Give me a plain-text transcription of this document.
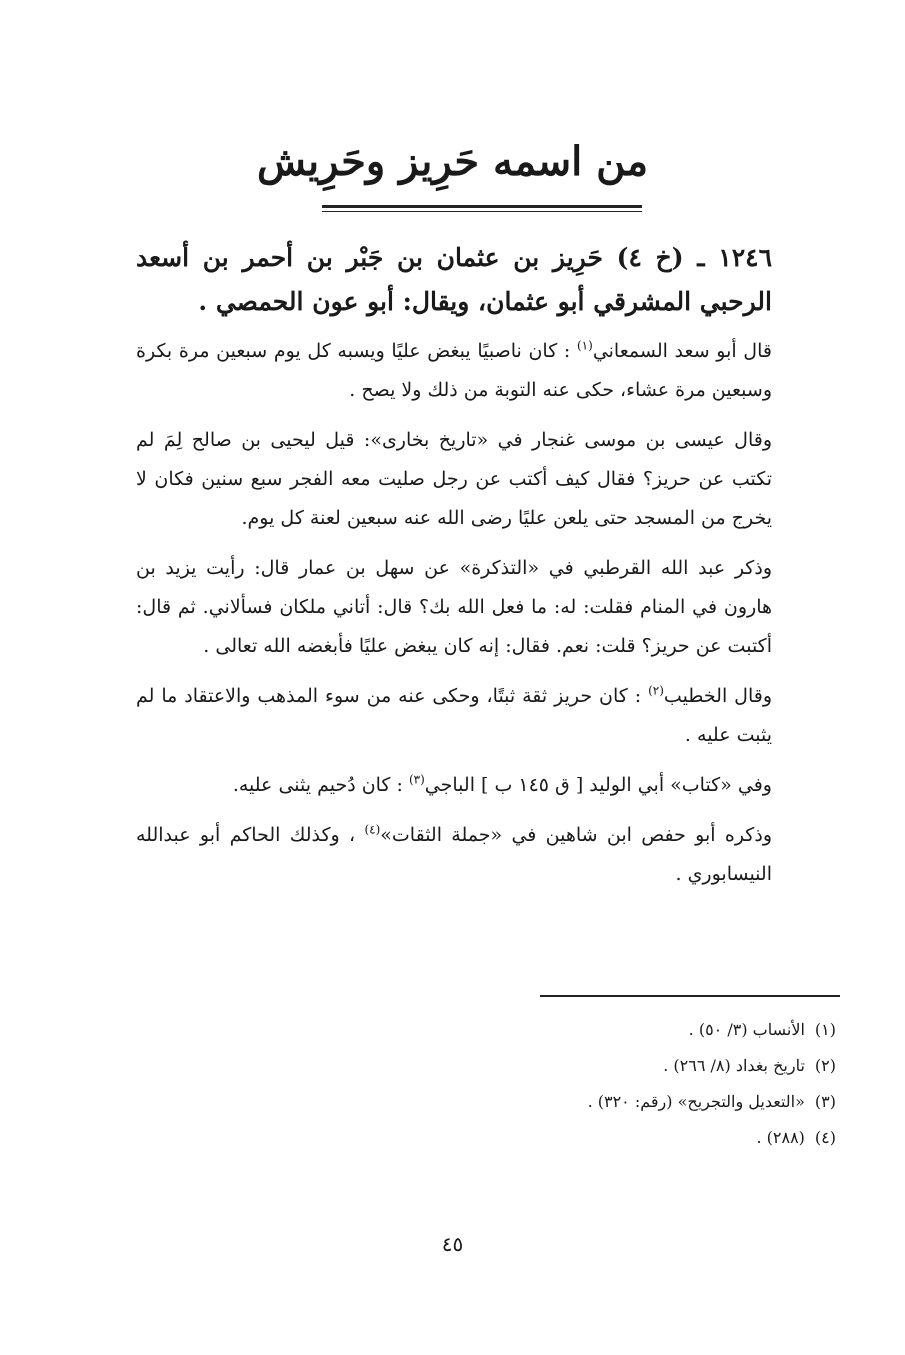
من اسمه حَرِيز وحَرِيش
١٢٤٦ ـ (خ ٤) حَرِيز بن عثمان بن جَبْر بن أحمر بن أسعد الرحبي المشرقي أبو عثمان، ويقال: أبو عون الحمصي .

قال أبو سعد السمعاني$^{(١)}$ : كان ناصبيًا يبغض عليًا ويسبه كل يوم سبعين مرة بكرة وسبعين مرة عشاء، حكى عنه التوبة من ذلك ولا يصح .

وقال عيسى بن موسى غنجار في «تاريخ بخارى»: قيل ليحيى بن صالح لِمَ لم تكتب عن حريز؟ فقال كيف أكتب عن رجل صليت معه الفجر سبع سنين فكان لا يخرج من المسجد حتى يلعن عليًا رضى الله عنه سبعين لعنة كل يوم.

وذكر عبد الله القرطبي في «التذكرة» عن سهل بن عمار قال: رأيت يزيد بن هارون في المنام فقلت: له: ما فعل الله بك؟ قال: أتاني ملكان فسألاني. ثم قال: أكتبت عن حريز؟ قلت: نعم. فقال: إنه كان يبغض عليًا فأبغضه الله تعالى .

وقال الخطيب$^{(٢)}$ : كان حريز ثقة ثبتًا، وحكى عنه من سوء المذهب والاعتقاد ما لم يثبت عليه .

وفي «كتاب» أبي الوليد [ ق ١٤٥ ب ] الباجي$^{(٣)}$ : كان دُحيم يثنى عليه.

وذكره أبو حفص ابن شاهين في «جملة الثقات»$^{(٤)}$ ، وكذلك الحاكم أبو عبدالله النيسابوري .

(١)الأنساب (٣/ ٥٠) .
(٢)تاريخ بغداد (٨/ ٢٦٦) .
(٣)«التعديل والتجريح» (رقم: ٣٢٠) .
(٤)(٢٨٨) .
٤٥
